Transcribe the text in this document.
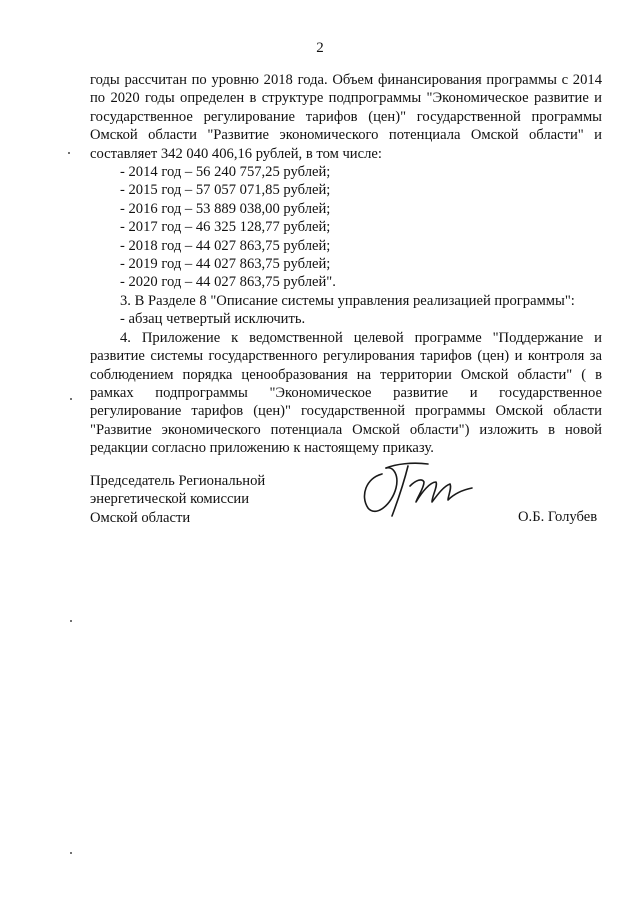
2

годы рассчитан по уровню 2018 года. Объем финансирования программы с 2014 по 2020 годы определен в структуре подпрограммы "Экономическое развитие и государственное регулирование тарифов (цен)" государственной программы Омской области "Развитие экономического потенциала Омской области" и составляет 342 040 406,16 рублей, в том числе:

- 2014 год – 56 240 757,25 рублей;
- 2015 год – 57 057 071,85 рублей;
- 2016 год – 53 889 038,00 рублей;
- 2017 год – 46 325 128,77 рублей;
- 2018 год – 44 027 863,75 рублей;
- 2019 год – 44 027 863,75 рублей;
- 2020 год – 44 027 863,75 рублей".

3. В Разделе 8 "Описание системы управления реализацией программы":

- абзац четвертый исключить.

4. Приложение к ведомственной целевой программе "Поддержание и развитие системы государственного регулирования тарифов (цен) и контроля за соблюдением порядка ценообразования на территории Омской области" ( в рамках подпрограммы "Экономическое развитие и государственное регулирование тарифов (цен)" государственной программы Омской области "Развитие экономического потенциала Омской области") изложить в новой редакции согласно приложению к настоящему приказу.

Председатель Региональной
энергетической комиссии
Омской области	О.Б. Голубев
